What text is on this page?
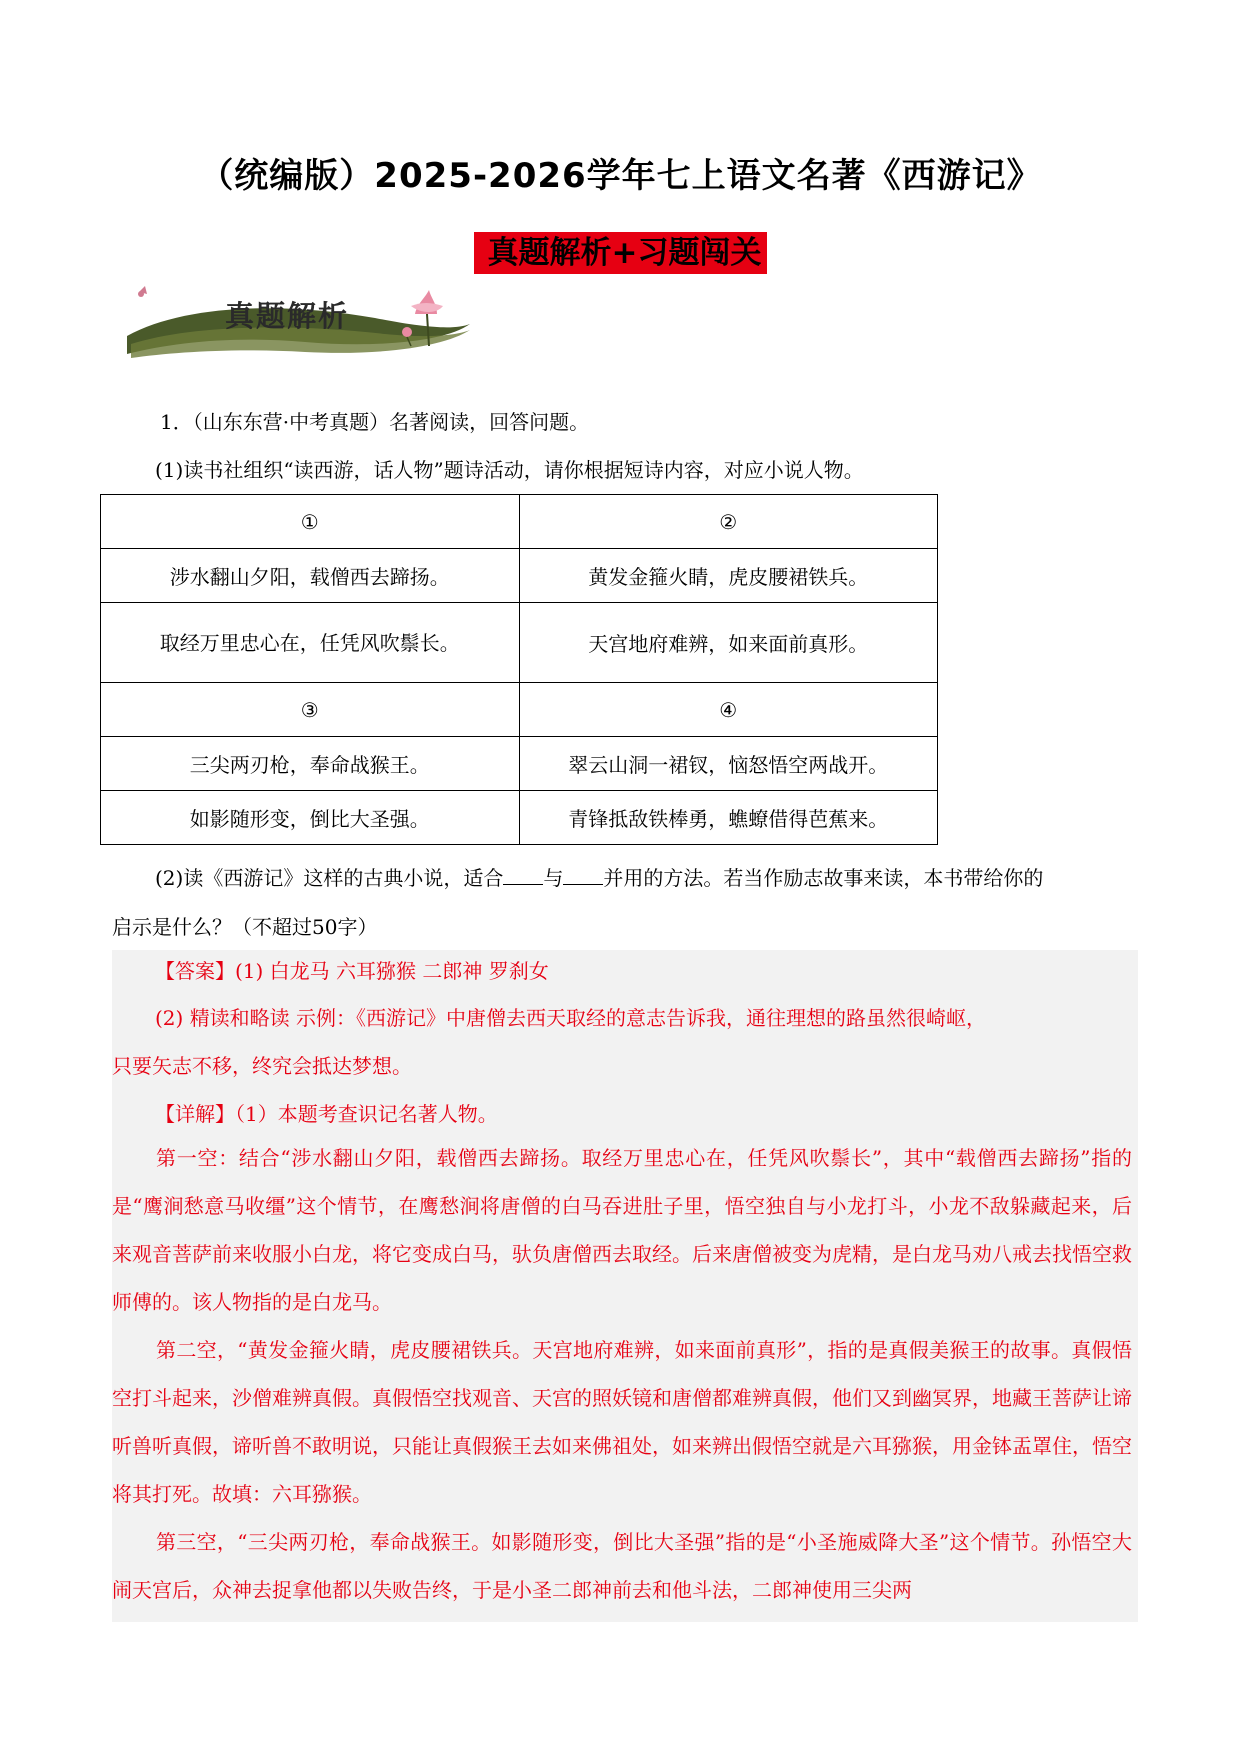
（统编版）2025-2026学年七上语文名著《西游记》
真题解析+习题闯关
真题解析
1．（山东东营·中考真题）名著阅读，回答问题。
(1)读书社组织“读西游，话人物”题诗活动，请你根据短诗内容，对应小说人物。
①	②
涉水翻山夕阳，载僧西去蹄扬。	黄发金箍火睛，虎皮腰裙铁兵。
取经万里忠心在，任凭风吹鬃长。	天宫地府难辨，如来面前真形。
③	④
三尖两刃枪，奉命战猴王。	翠云山洞一裙钗，恼怒悟空两战开。
如影随形变，倒比大圣强。	青锋抵敌铁棒勇，蟭蟟借得芭蕉来。
(2)读《西游记》这样的古典小说，适合 与 并用的方法。若当作励志故事来读，本书带给你的
启示是什么？（不超过50字）
【答案】(1) 白龙马 六耳猕猴 二郎神 罗刹女
(2) 精读和略读 示例：《西游记》中唐僧去西天取经的意志告诉我，通往理想的路虽然很崎岖，
只要矢志不移，终究会抵达梦想。
【详解】（1）本题考查识记名著人物。

第一空：结合“涉水翻山夕阳，载僧西去蹄扬。取经万里忠心在，任凭风吹鬃长”，其中“载僧西去蹄扬”指的是“鹰涧愁意马收缰”这个情节，在鹰愁涧将唐僧的白马吞进肚子里，悟空独自与小龙打斗，小龙不敌躲藏起来，后来观音菩萨前来收服小白龙，将它变成白马，驮负唐僧西去取经。后来唐僧被变为虎精，是白龙马劝八戒去找悟空救师傅的。该人物指的是白龙马。

第二空，“黄发金箍火睛，虎皮腰裙铁兵。天宫地府难辨，如来面前真形”，指的是真假美猴王的故事。真假悟空打斗起来，沙僧难辨真假。真假悟空找观音、天宫的照妖镜和唐僧都难辨真假，他们又到幽冥界，地藏王菩萨让谛听兽听真假，谛听兽不敢明说，只能让真假猴王去如来佛祖处，如来辨出假悟空就是六耳猕猴，用金钵盂罩住，悟空将其打死。故填：六耳猕猴。

第三空，“三尖两刃枪，奉命战猴王。如影随形变，倒比大圣强”指的是“小圣施威降大圣”这个情节。孙悟空大闹天宫后，众神去捉拿他都以失败告终，于是小圣二郎神前去和他斗法，二郎神使用三尖两
